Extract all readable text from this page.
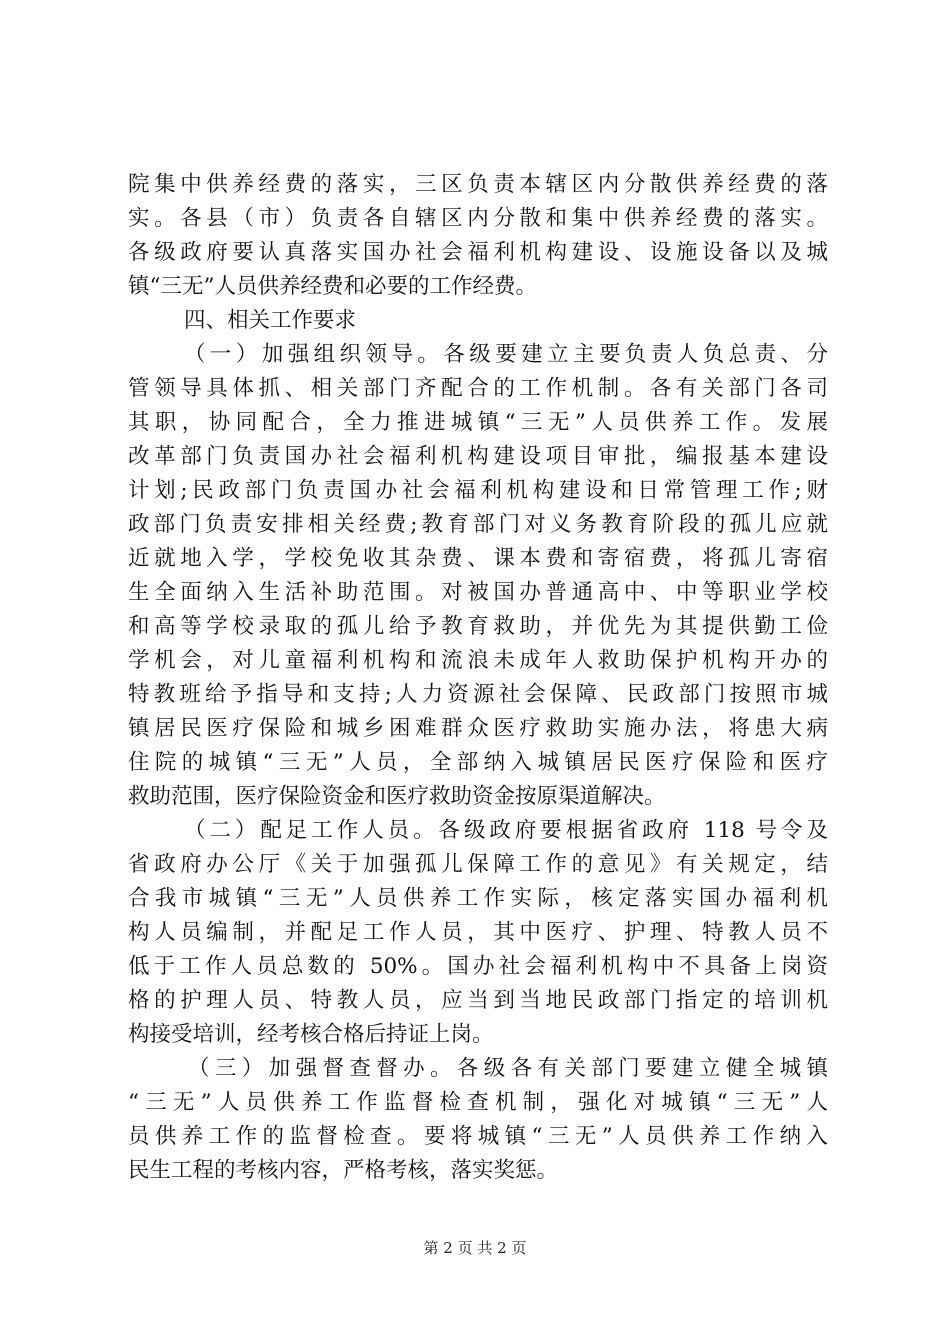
院集中供养经费的落实，三区负责本辖区内分散供养经费的落
实。各县（市）负责各自辖区内分散和集中供养经费的落实。
各级政府要认真落实国办社会福利机构建设、设施设备以及城
镇“三无”人员供养经费和必要的工作经费。
四、相关工作要求
（一）加强组织领导。各级要建立主要负责人负总责、分
管领导具体抓、相关部门齐配合的工作机制。各有关部门各司
其职，协同配合，全力推进城镇“三无”人员供养工作。发展
改革部门负责国办社会福利机构建设项目审批，编报基本建设
计划;民政部门负责国办社会福利机构建设和日常管理工作;财
政部门负责安排相关经费;教育部门对义务教育阶段的孤儿应就
近就地入学，学校免收其杂费、课本费和寄宿费，将孤儿寄宿
生全面纳入生活补助范围。对被国办普通高中、中等职业学校
和高等学校录取的孤儿给予教育救助，并优先为其提供勤工俭
学机会，对儿童福利机构和流浪未成年人救助保护机构开办的
特教班给予指导和支持;人力资源社会保障、民政部门按照市城
镇居民医疗保险和城乡困难群众医疗救助实施办法，将患大病
住院的城镇“三无”人员，全部纳入城镇居民医疗保险和医疗
救助范围，医疗保险资金和医疗救助资金按原渠道解决。
（二）配足工作人员。各级政府要根据省政府 118 号令及
省政府办公厅《关于加强孤儿保障工作的意见》有关规定，结
合我市城镇“三无”人员供养工作实际，核定落实国办福利机
构人员编制，并配足工作人员，其中医疗、护理、特教人员不
低于工作人员总数的 50%。国办社会福利机构中不具备上岗资
格的护理人员、特教人员，应当到当地民政部门指定的培训机
构接受培训，经考核合格后持证上岗。
（三）加强督查督办。各级各有关部门要建立健全城镇
“三无”人员供养工作监督检查机制，强化对城镇“三无”人
员供养工作的监督检查。要将城镇“三无”人员供养工作纳入
民生工程的考核内容，严格考核，落实奖惩。
第 2 页 共 2 页
